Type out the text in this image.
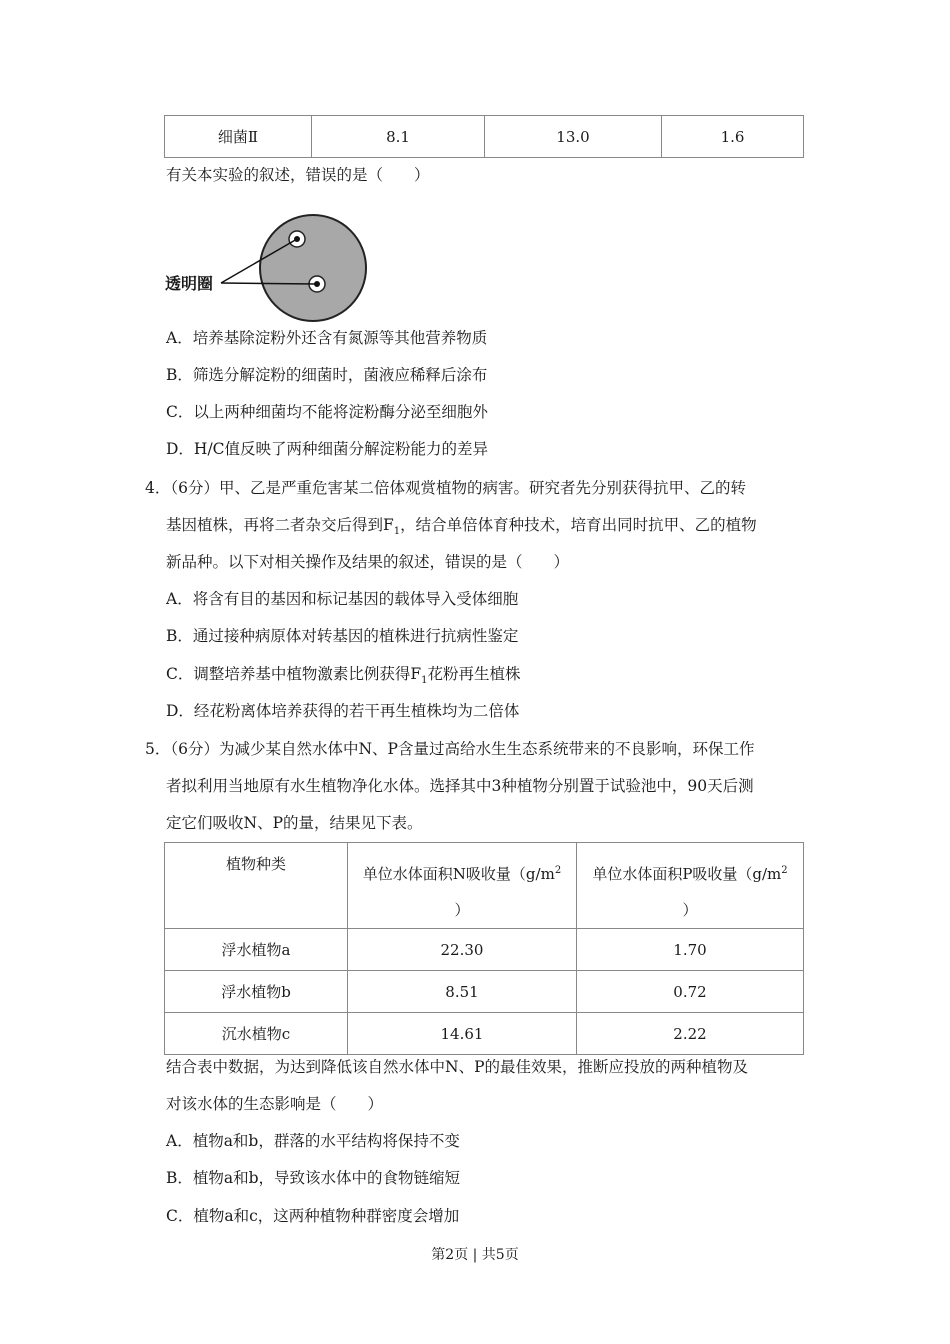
细菌Ⅱ	8.1	13.0	1.6
有关本实验的叙述，错误的是（　　）
透明圈
A．培养基除淀粉外还含有氮源等其他营养物质
B．筛选分解淀粉的细菌时，菌液应稀释后涂布
C．以上两种细菌均不能将淀粉酶分泌至细胞外
D．H/C值反映了两种细菌分解淀粉能力的差异
4．（6分）甲、乙是严重危害某二倍体观赏植物的病害。研究者先分别获得抗甲、乙的转
基因植株，再将二者杂交后得到$F_1$，结合单倍体育种技术，培育出同时抗甲、乙的植物
新品种。以下对相关操作及结果的叙述，错误的是（　　）
A．将含有目的基因和标记基因的载体导入受体细胞
B．通过接种病原体对转基因的植株进行抗病性鉴定
C．调整培养基中植物激素比例获得$F_1$花粉再生植株
D．经花粉离体培养获得的若干再生植株均为二倍体
5．（6分）为减少某自然水体中N、P含量过高给水生生态系统带来的不良影响，环保工作
者拟利用当地原有水生植物净化水体。选择其中3种植物分别置于试验池中，90天后测
定它们吸收N、P的量，结果见下表。
植物种类	单位水体面积N吸收量（$g/m^2$
）	单位水体面积P吸收量（$g/m^2$
）
浮水植物a	22.30	1.70
浮水植物b	8.51	0.72
沉水植物c	14.61	2.22
结合表中数据，为达到降低该自然水体中N、P的最佳效果，推断应投放的两种植物及
对该水体的生态影响是（　　）
A．植物a和b，群落的水平结构将保持不变
B．植物a和b，导致该水体中的食物链缩短
C．植物a和c，这两种植物种群密度会增加
第2页 | 共5页
